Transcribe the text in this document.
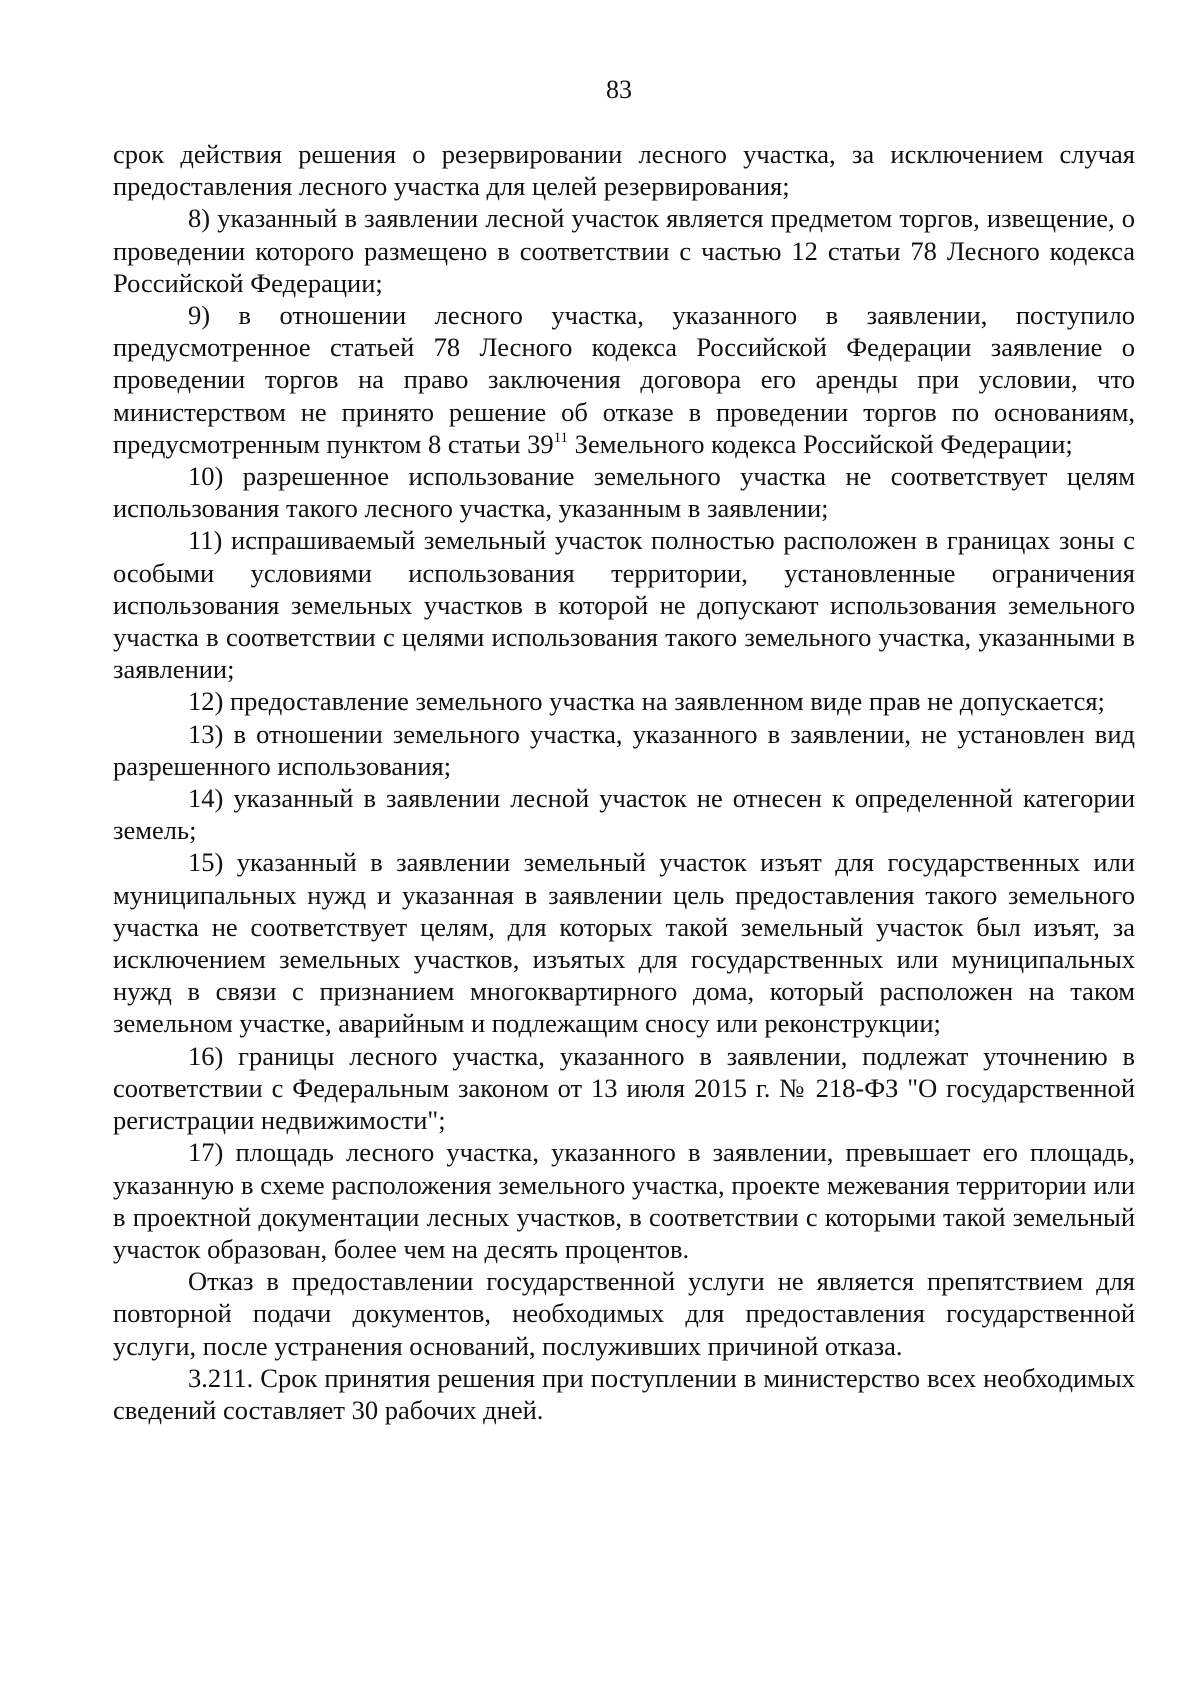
83

срок действия решения о резервировании лесного участка, за исключением случая предоставления лесного участка для целей резервирования;

8) указанный в заявлении лесной участок является предметом торгов, извещение, о проведении которого размещено в соответствии с частью 12 статьи 78 Лесного кодекса Российской Федерации;

9) в отношении лесного участка, указанного в заявлении, поступило предусмотренное статьей 78 Лесного кодекса Российской Федерации заявление о проведении торгов на право заключения договора его аренды при условии, что министерством не принято решение об отказе в проведении торгов по основаниям, предусмотренным пунктом 8 статьи $39^{11}$ Земельного кодекса Российской Федерации;

10) разрешенное использование земельного участка не соответствует целям использования такого лесного участка, указанным в заявлении;

11) испрашиваемый земельный участок полностью расположен в границах зоны с особыми условиями использования территории, установленные ограничения использования земельных участков в которой не допускают использования земельного участка в соответствии с целями использования такого земельного участка, указанными в заявлении;

12) предоставление земельного участка на заявленном виде прав не допускается;

13) в отношении земельного участка, указанного в заявлении, не установлен вид разрешенного использования;

14) указанный в заявлении лесной участок не отнесен к определенной категории земель;

15) указанный в заявлении земельный участок изъят для государственных или муниципальных нужд и указанная в заявлении цель предоставления такого земельного участка не соответствует целям, для которых такой земельный участок был изъят, за исключением земельных участков, изъятых для государственных или муниципальных нужд в связи с признанием многоквартирного дома, который расположен на таком земельном участке, аварийным и подлежащим сносу или реконструкции;

16) границы лесного участка, указанного в заявлении, подлежат уточнению в соответствии с Федеральным законом от 13 июля 2015 г. № 218-ФЗ "О государственной регистрации недвижимости";

17) площадь лесного участка, указанного в заявлении, превышает его площадь, указанную в схеме расположения земельного участка, проекте межевания территории или в проектной документации лесных участков, в соответствии с которыми такой земельный участок образован, более чем на десять процентов.

Отказ в предоставлении государственной услуги не является препятствием для повторной подачи документов, необходимых для предоставления государственной услуги, после устранения оснований, послуживших причиной отказа.

3.211. Срок принятия решения при поступлении в министерство всех необходимых сведений составляет 30 рабочих дней.
